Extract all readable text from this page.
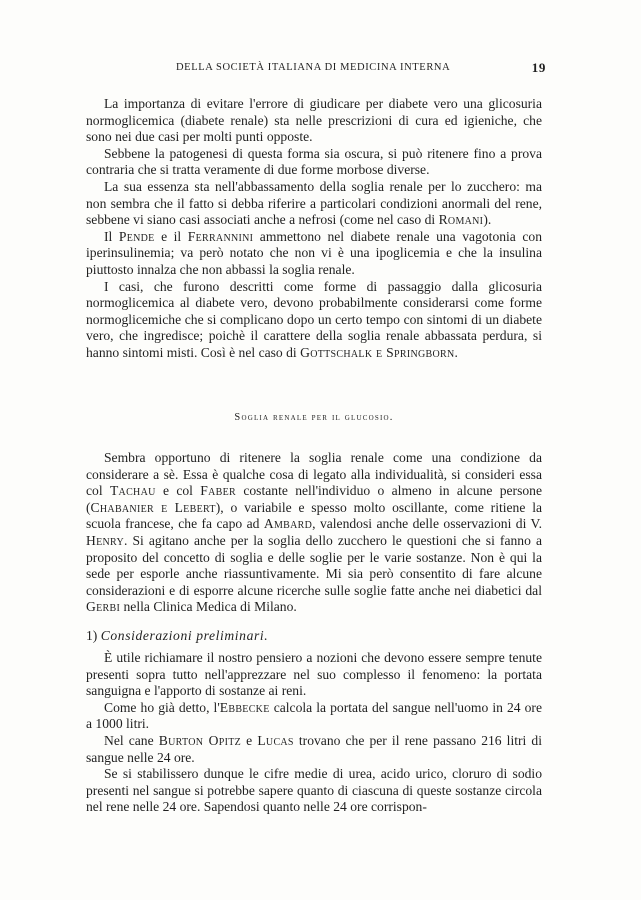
DELLA SOCIETÀ ITALIANA DI MEDICINA INTERNA	19

La importanza di evitare l'errore di giudicare per diabete vero una glicosuria normoglicemica (diabete renale) sta nelle prescrizioni di cura ed igieniche, che sono nei due casi per molti punti opposte.

Sebbene la patogenesi di questa forma sia oscura, si può ritenere fino a prova contraria che si tratta veramente di due forme morbose diverse.

La sua essenza sta nell'abbassamento della soglia renale per lo zucchero: ma non sembra che il fatto si debba riferire a particolari condizioni anormali del rene, sebbene vi siano casi associati anche a nefrosi (come nel caso di Romani).

Il Pende e il Ferrannini ammettono nel diabete renale una vagotonia con iperinsulinemia; va però notato che non vi è una ipoglicemia e che la insulina piuttosto innalza che non abbassi la soglia renale.

I casi, che furono descritti come forme di passaggio dalla glicosuria normoglicemica al diabete vero, devono probabilmente considerarsi come forme normoglicemiche che si complicano dopo un certo tempo con sintomi di un diabete vero, che ingredisce; poichè il carattere della soglia renale abbassata perdura, si hanno sintomi misti. Così è nel caso di Gottschalk e Springborn.

Soglia renale per il glucosio.

Sembra opportuno di ritenere la soglia renale come una condizione da considerare a sè. Essa è qualche cosa di legato alla individualità, si consideri essa col Tachau e col Faber costante nell'individuo o almeno in alcune persone (Chabanier e Lebert), o variabile e spesso molto oscillante, come ritiene la scuola francese, che fa capo ad Ambard, valendosi anche delle osservazioni di V. Henry. Si agitano anche per la soglia dello zucchero le questioni che si fanno a proposito del concetto di soglia e delle soglie per le varie sostanze. Non è qui la sede per esporle anche riassuntivamente. Mi sia però consentito di fare alcune considerazioni e di esporre alcune ricerche sulle soglie fatte anche nei diabetici dal Gerbi nella Clinica Medica di Milano.

1) Considerazioni preliminari.

È utile richiamare il nostro pensiero a nozioni che devono essere sempre tenute presenti sopra tutto nell'apprezzare nel suo complesso il fenomeno: la portata sanguigna e l'apporto di sostanze ai reni.

Come ho già detto, l'Ebbecke calcola la portata del sangue nell'uomo in 24 ore a 1000 litri.

Nel cane Burton Opitz e Lucas trovano che per il rene passano 216 litri di sangue nelle 24 ore.

Se si stabilissero dunque le cifre medie di urea, acido urico, cloruro di sodio presenti nel sangue si potrebbe sapere quanto di ciascuna di queste sostanze circola nel rene nelle 24 ore. Sapendosi quanto nelle 24 ore corrispon-
